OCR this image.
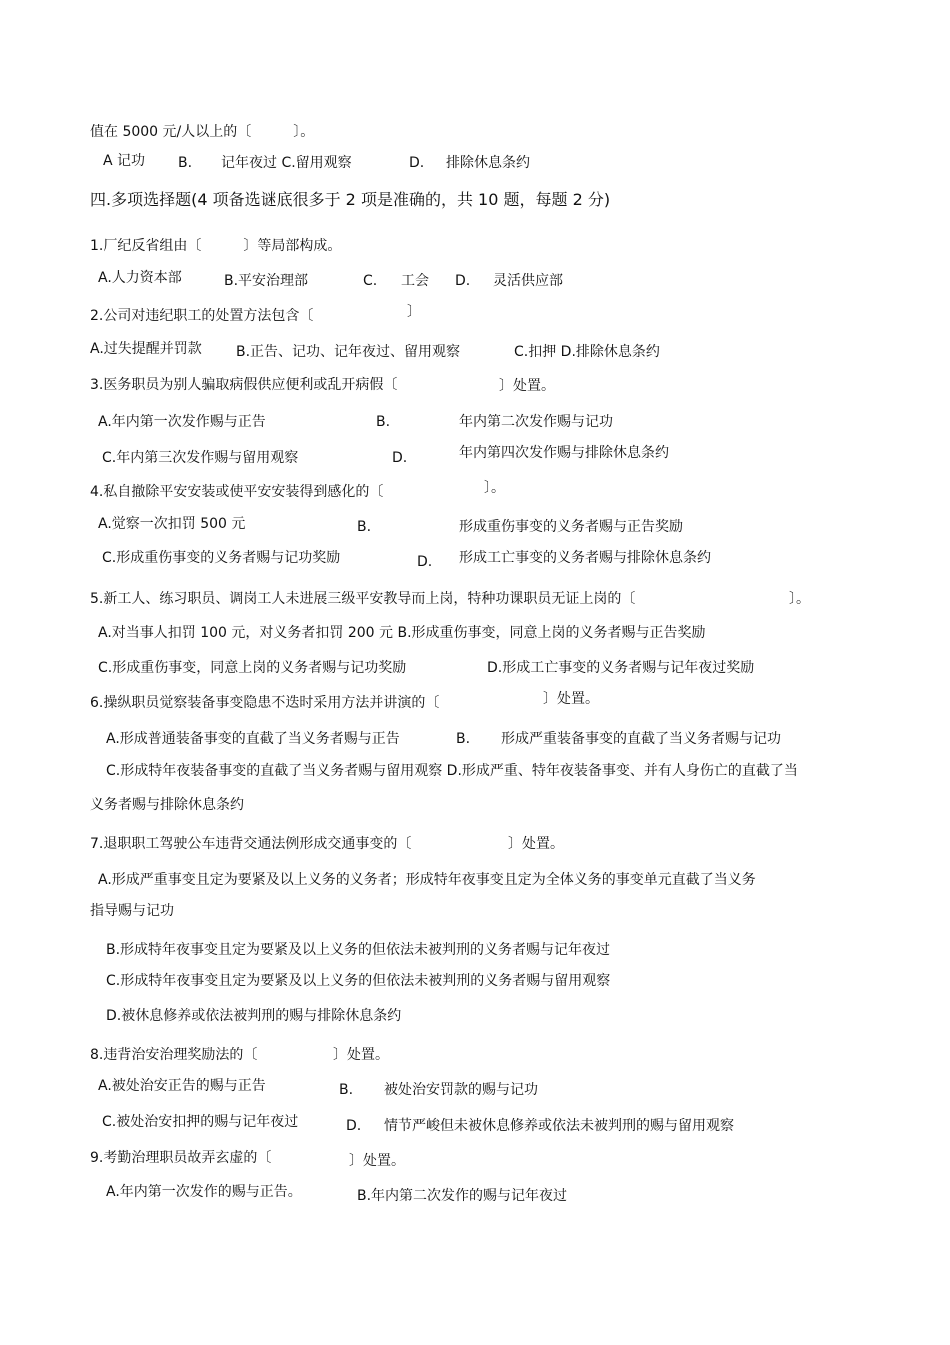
值在 5000 元/人以上的〔　　　〕。
A 记功 B. 记年夜过 C.留用观察	D. 排除休息条约
四.多项选择题(4 项备选谜底很多于 2 项是准确的，共 10 题，每题 2 分)
1.厂纪反省组由〔　　　〕等局部构成。
A.人力资本部	B.平安治理部	C. 工会 D. 灵活供应部
2.公司对违纪职工的处置方法包含〔	〕
A.过失提醒并罚款 B.正告、记功、记年夜过、留用观察	C.扣押 D.排除休息条约
3.医务职员为别人骗取病假供应便利或乱开病假〔	〕处置。
A.年内第一次发作赐与正告	B.	年内第二次发作赐与记功
C.年内第三次发作赐与留用观察	D.	年内第四次发作赐与排除休息条约
4.私自撤除平安安装或使平安安装得到感化的〔	〕。
A.觉察一次扣罚 500 元	B.	形成重伤事变的义务者赐与正告奖励
C.形成重伤事变的义务者赐与记功奖励	D. 形成工亡事变的义务者赐与排除休息条约
5.新工人、练习职员、调岗工人未进展三级平安教导而上岗，特种功课职员无证上岗的〔	〕。
A.对当事人扣罚 100 元，对义务者扣罚 200 元 B.形成重伤事变，同意上岗的义务者赐与正告奖励
C.形成重伤事变，同意上岗的义务者赐与记功奖励	D.形成工亡事变的义务者赐与记年夜过奖励
6.操纵职员觉察装备事变隐患不迭时采用方法并讲演的〔	〕处置。
A.形成普通装备事变的直截了当义务者赐与正告	B. 形成严重装备事变的直截了当义务者赐与记功
C.形成特年夜装备事变的直截了当义务者赐与留用观察 D.形成严重、特年夜装备事变、并有人身伤亡的直截了当
义务者赐与排除休息条约
7.退职职工驾驶公车违背交通法例形成交通事变的〔	〕处置。
A.形成严重事变且定为要紧及以上义务的义务者；形成特年夜事变且定为全体义务的事变单元直截了当义务
指导赐与记功
B.形成特年夜事变且定为要紧及以上义务的但依法未被判刑的义务者赐与记年夜过
C.形成特年夜事变且定为要紧及以上义务的但依法未被判刑的义务者赐与留用观察
D.被休息修养或依法被判刑的赐与排除休息条约
8.违背治安治理奖励法的〔	〕处置。
A.被处治安正告的赐与正告	B. 被处治安罚款的赐与记功
C.被处治安扣押的赐与记年夜过	D. 情节严峻但未被休息修养或依法未被判刑的赐与留用观察
9.考勤治理职员故弄玄虚的〔	〕处置。
A.年内第一次发作的赐与正告。	B.年内第二次发作的赐与记年夜过
